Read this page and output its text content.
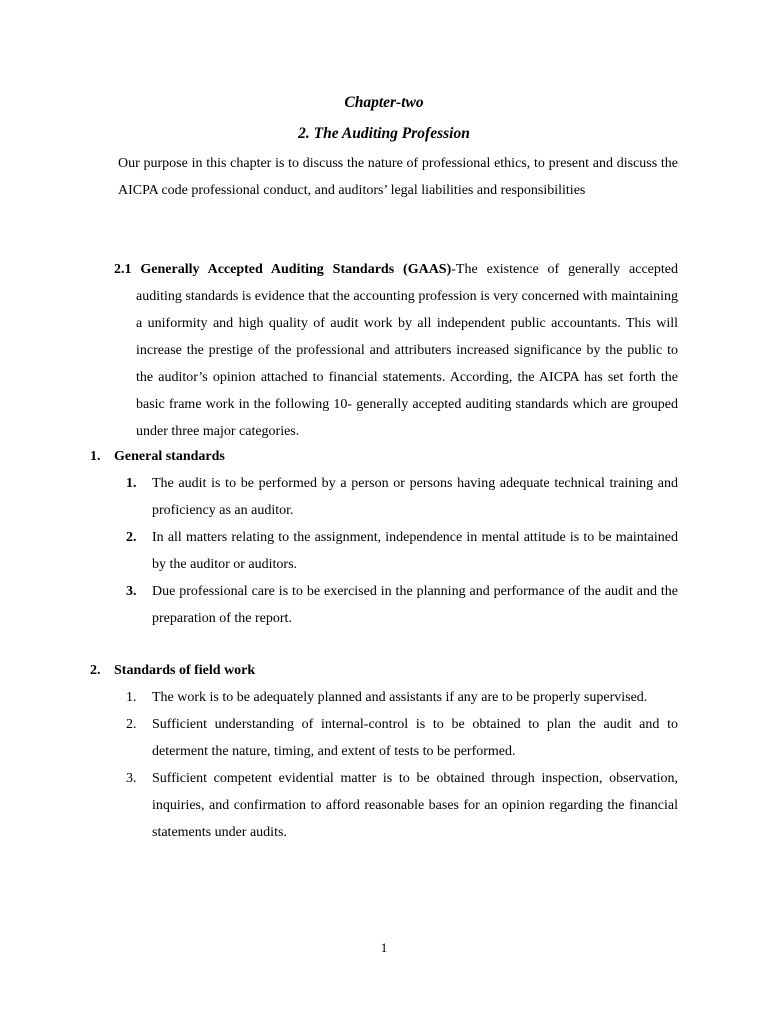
Chapter-two
2. The Auditing Profession
Our purpose in this chapter is to discuss the nature of professional ethics, to present and discuss the AICPA code professional conduct, and auditors’ legal liabilities and responsibilities
2.1 Generally Accepted Auditing Standards (GAAS)-The existence of generally accepted auditing standards is evidence that the accounting profession is very concerned with maintaining a uniformity and high quality of audit work by all independent public accountants. This will increase the prestige of the professional and attributers increased significance by the public to the auditor’s opinion attached to financial statements. According, the AICPA has set forth the basic frame work in the following 10- generally accepted auditing standards which are grouped under three major categories.
1. General standards
1.	The audit is to be performed by a person or persons having adequate technical training and proficiency as an auditor.
2.	In all matters relating to the assignment, independence in mental attitude is to be maintained by the auditor or auditors.
3.	Due professional care is to be exercised in the planning and performance of the audit and the preparation of the report.
2. Standards of field work
1.	The work is to be adequately planned and assistants if any are to be properly supervised.
2.	Sufficient understanding of internal-control is to be obtained to plan the audit and to determent the nature, timing, and extent of tests to be performed.
3.	Sufficient competent evidential matter is to be obtained through inspection, observation, inquiries, and confirmation to afford reasonable bases for an opinion regarding the financial statements under audits.
1
